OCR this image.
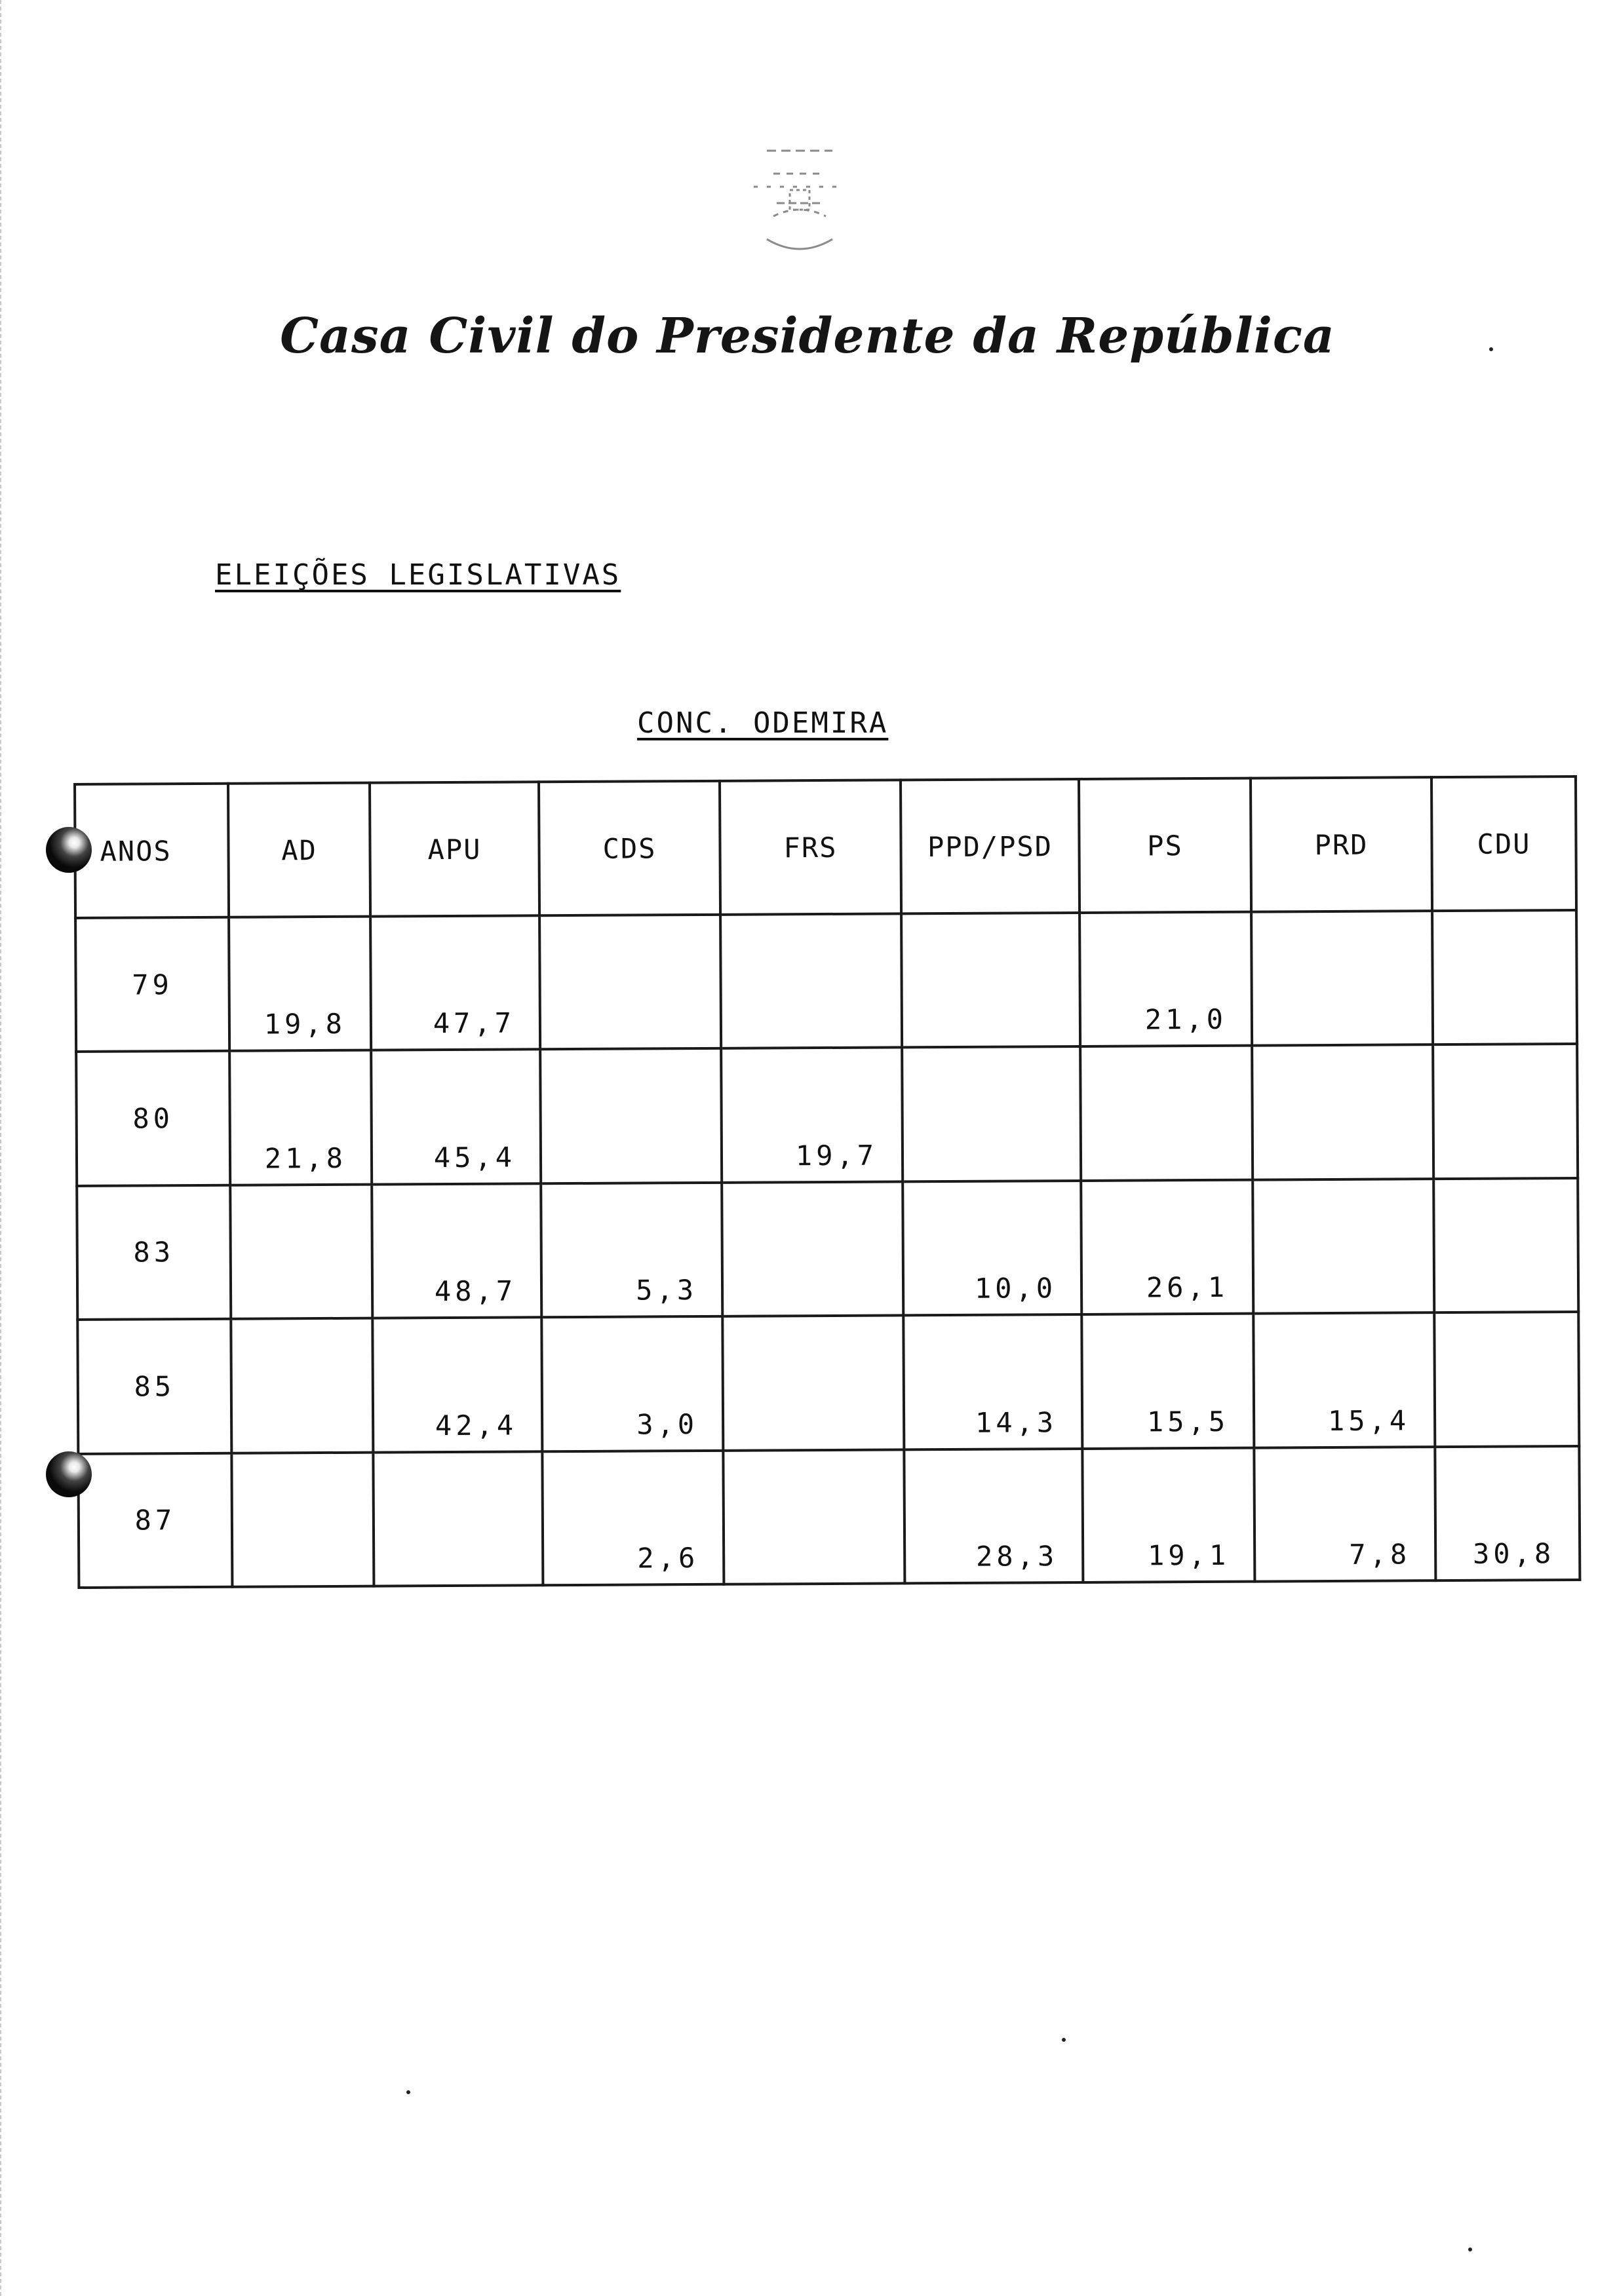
Casa Civil do Presidente da República
ELEIÇÕES LEGISLATIVAS
CONC. ODEMIRA
ANOS	AD	APU	CDS	FRS	PPD/PSD	PS	PRD	CDU
79	19,8	47,7				21,0		
80	21,8	45,4		19,7				
83		48,7	5,3		10,0	26,1		
85		42,4	3,0		14,3	15,5	15,4	
87			2,6		28,3	19,1	7,8	30,8
